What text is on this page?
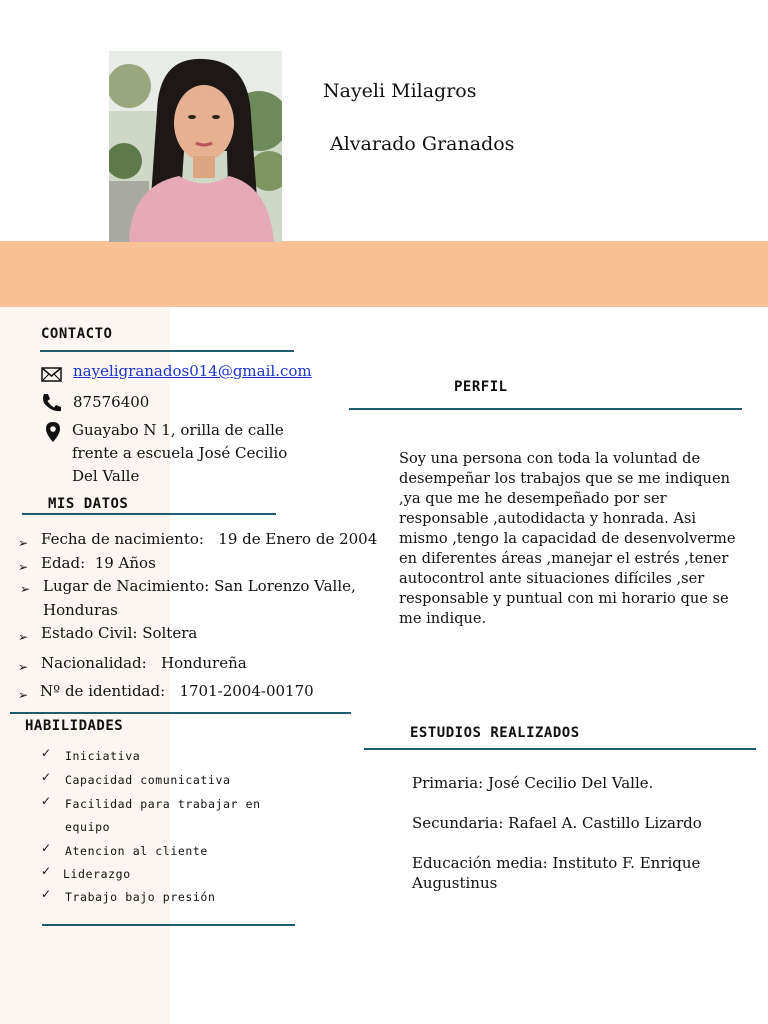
Nayeli Milagros
Alvarado Granados
CONTACTO
nayeligranados014@gmail.com
87576400
Guayabo N 1, orilla de calle
frente a escuela José Cecilio
Del Valle
MIS DATOS
➢ Fecha de nacimiento: 19 de Enero de 2004
➢ Edad: 19 Años
➢ Lugar de Nacimiento: San Lorenzo Valle,
Honduras
➢ Estado Civil: Soltera
➢ Nacionalidad: Hondureña
➢ Nº de identidad: 1701-2004-00170
HABILIDADES
✓ Iniciativa
✓ Capacidad comunicativa
✓ Facilidad para trabajar en
equipo
✓ Atencion al cliente
✓ Liderazgo
✓ Trabajo bajo presión
PERFIL
Soy una persona con toda la voluntad de desempeñar los trabajos que se me indiquen ,ya que me he desempeñado por ser responsable ,autodidacta y honrada. Asi mismo ,tengo la capacidad de desenvolverme en diferentes áreas ,manejar el estrés ,tener autocontrol ante situaciones difíciles ,ser responsable y puntual con mi horario que se me indique.
ESTUDIOS REALIZADOS
Primaria: José Cecilio Del Valle.
Secundaria: Rafael A. Castillo Lizardo
Educación media: Instituto F. Enrique
Augustinus
